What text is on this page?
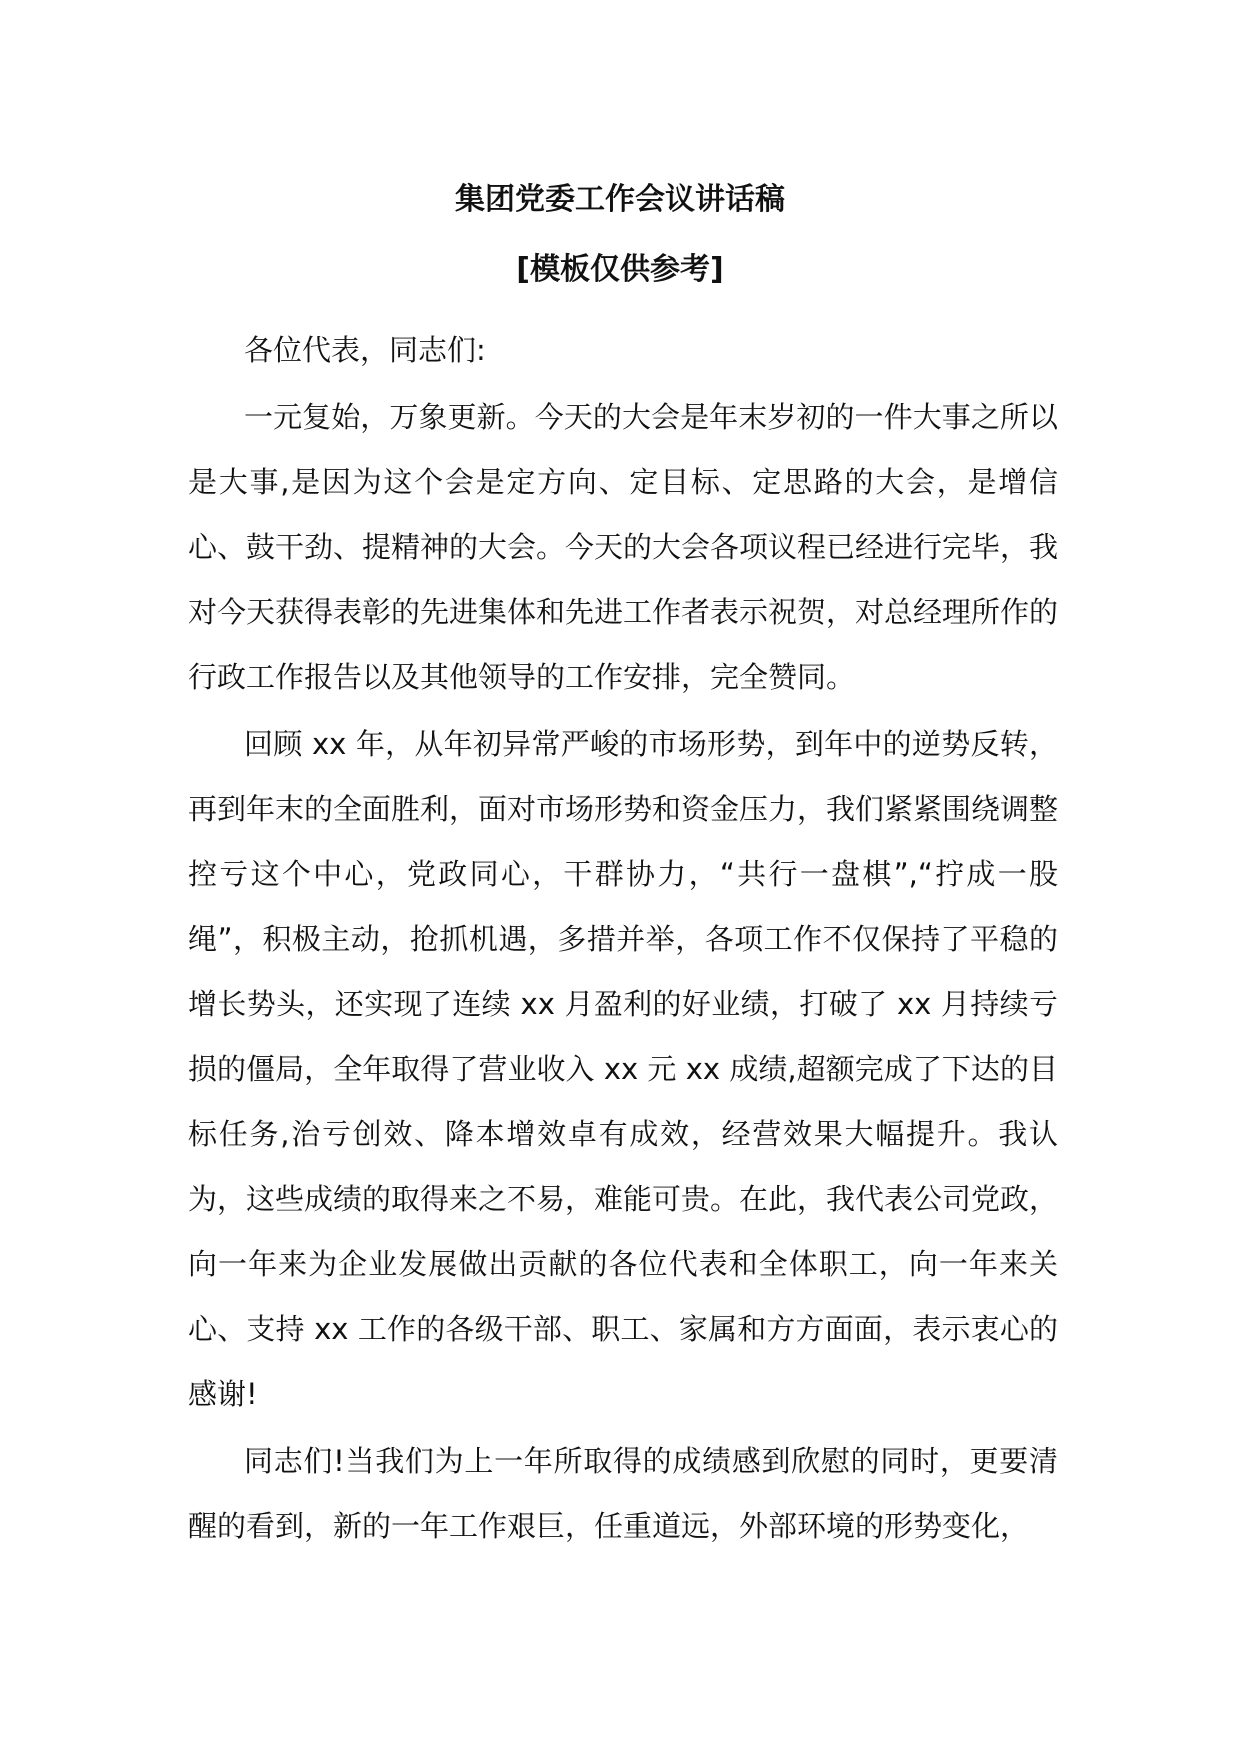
集团党委工作会议讲话稿
[模板仅供参考]

各位代表，同志们:

一元复始，万象更新。今天的大会是年末岁初的一件大事之所以是大事,是因为这个会是定方向、定目标、定思路的大会，是增信心、鼓干劲、提精神的大会。今天的大会各项议程已经进行完毕，我对今天获得表彰的先进集体和先进工作者表示祝贺，对总经理所作的行政工作报告以及其他领导的工作安排，完全赞同。

回顾 xx 年，从年初异常严峻的市场形势，到年中的逆势反转，再到年末的全面胜利，面对市场形势和资金压力，我们紧紧围绕调整控亏这个中心，党政同心，干群协力，“共行一盘棋”,“拧成一股绳”，积极主动，抢抓机遇，多措并举，各项工作不仅保持了平稳的增长势头，还实现了连续 xx 月盈利的好业绩，打破了 xx 月持续亏损的僵局，全年取得了营业收入 xx 元 xx 成绩,超额完成了下达的目标任务,治亏创效、降本增效卓有成效，经营效果大幅提升。我认为，这些成绩的取得来之不易，难能可贵。在此，我代表公司党政，向一年来为企业发展做出贡献的各位代表和全体职工，向一年来关心、支持 xx 工作的各级干部、职工、家属和方方面面，表示衷心的感谢!

同志们!当我们为上一年所取得的成绩感到欣慰的同时，更要清醒的看到，新的一年工作艰巨，任重道远，外部环境的形势变化，
